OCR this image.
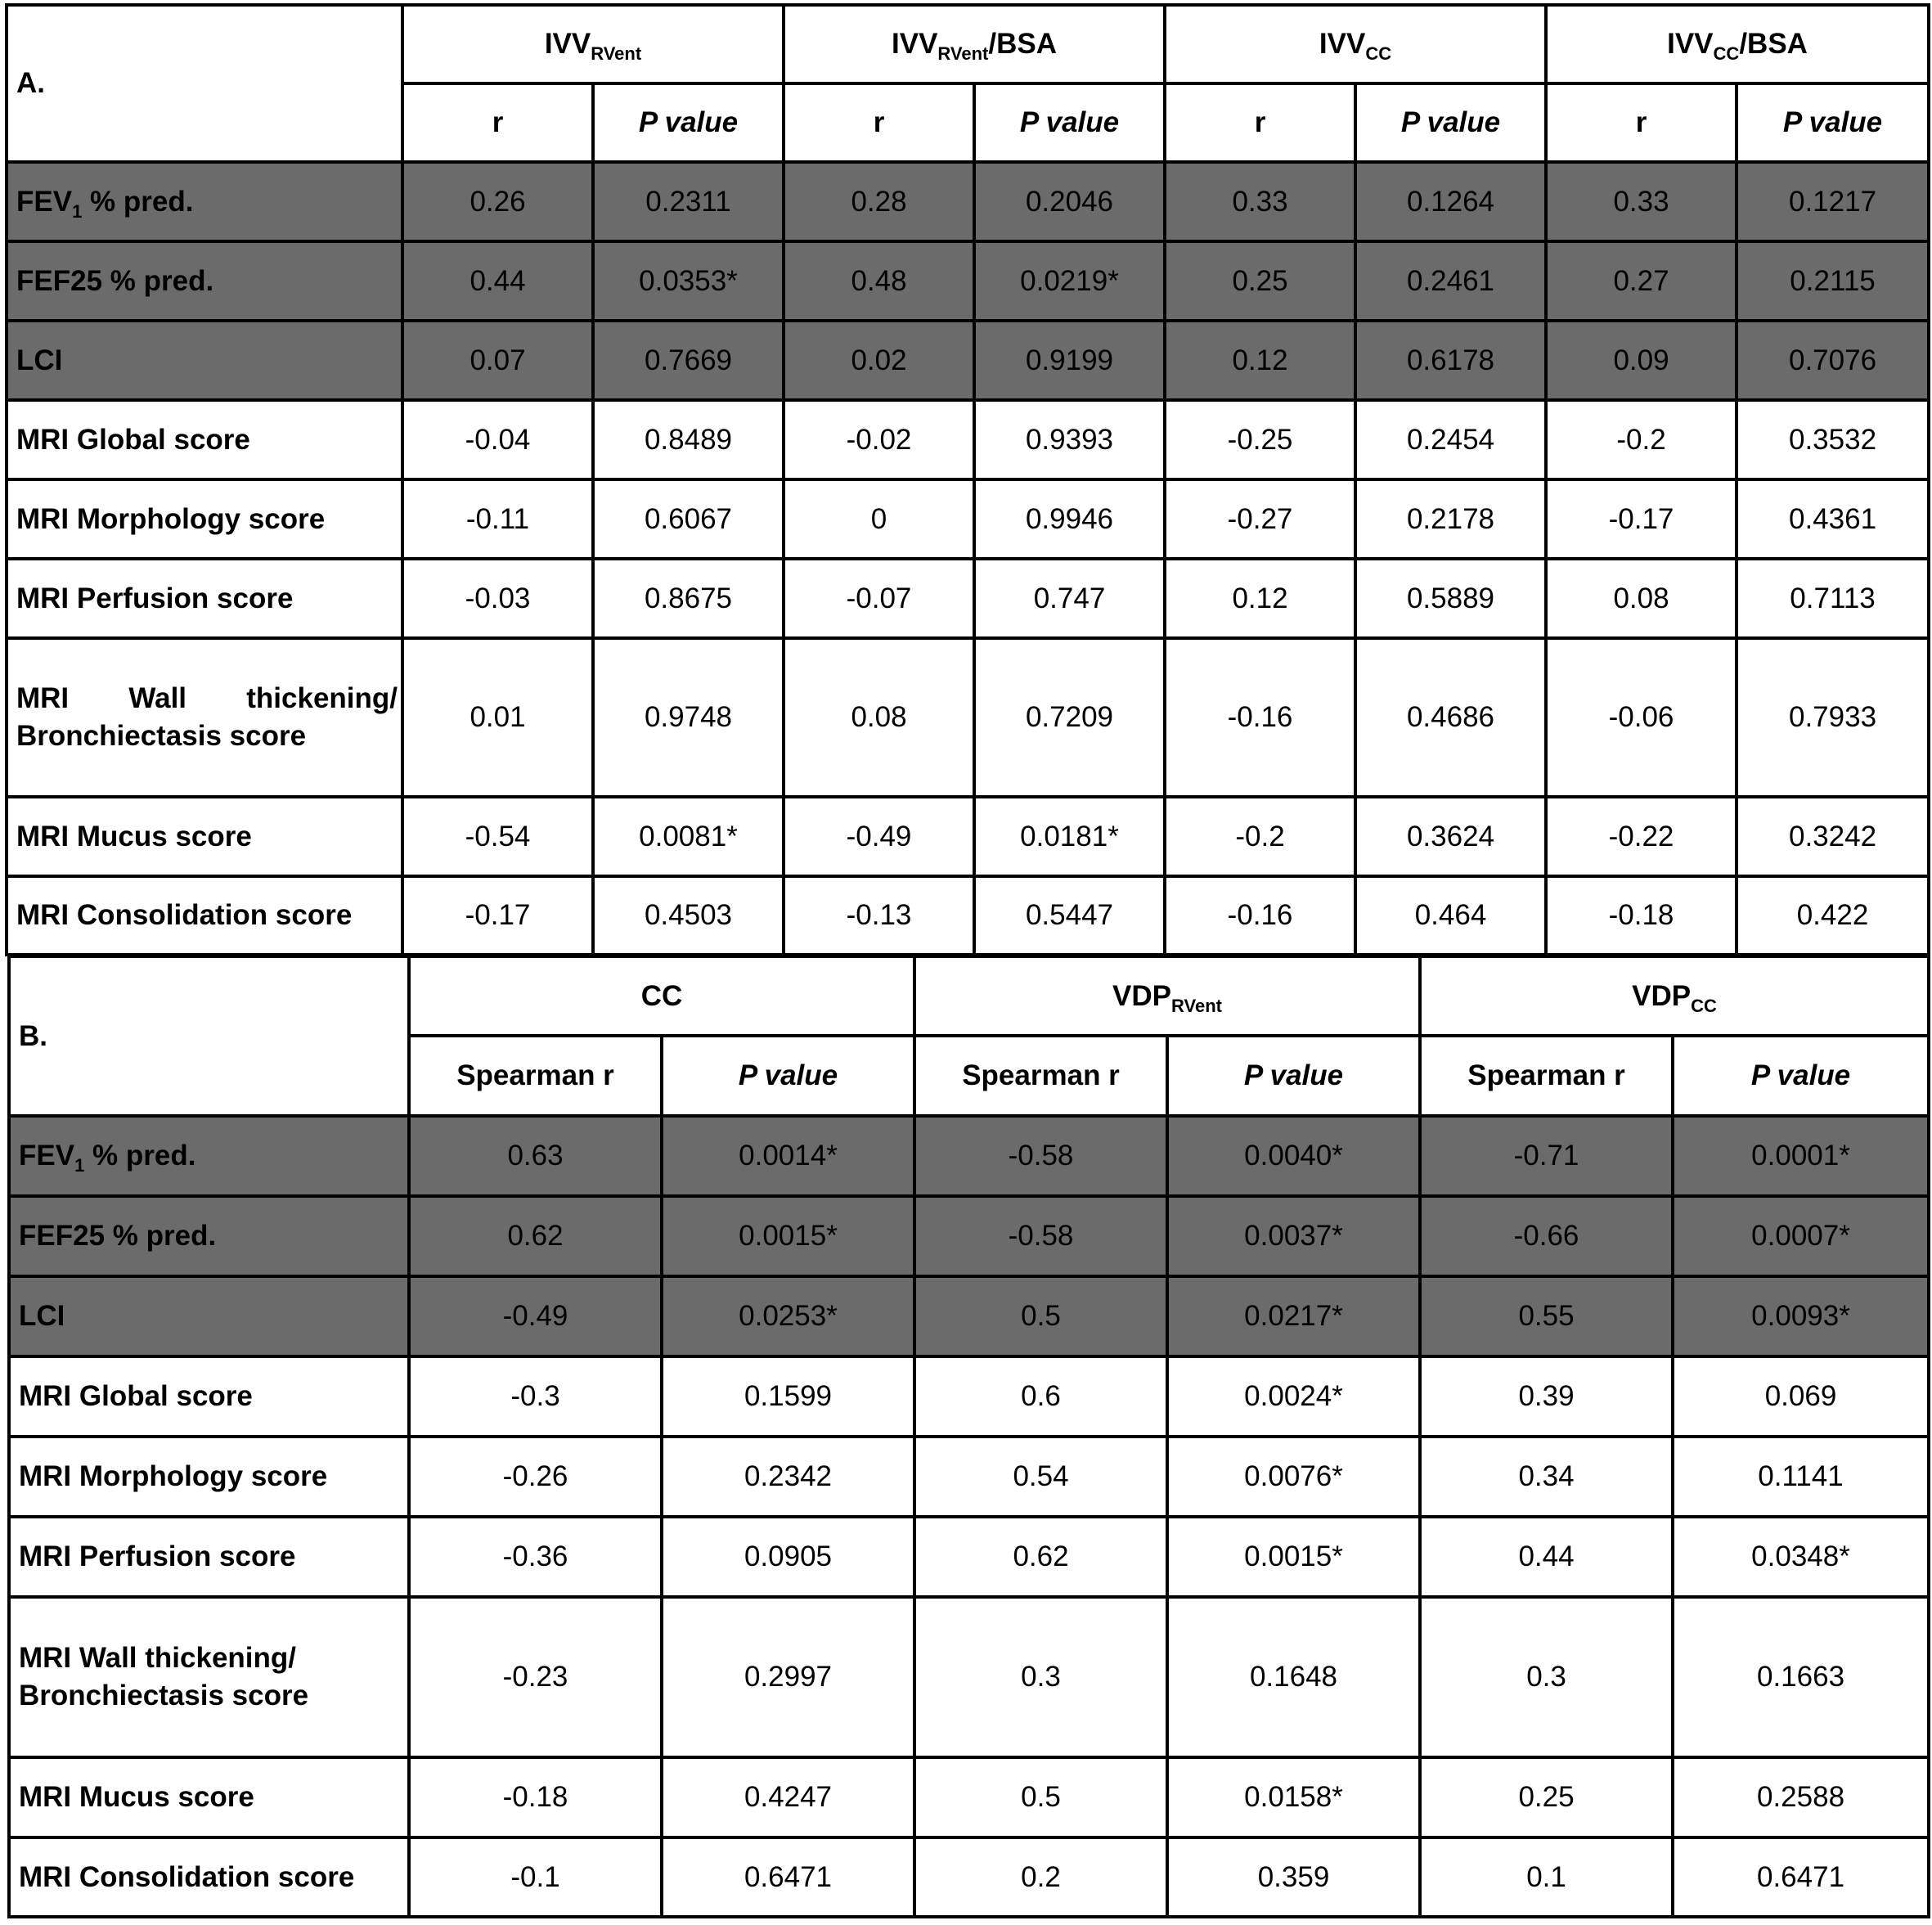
A.	$IVV_{RVent}$		$IVV_{RVent}$/BSA		$IVV_{CC}$		$IVV_{CC}$/BSA	
	r	P value	r	P value	r	P value	r	P value
$FEV_1$ % pred.	0.26	0.2311	0.28	0.2046	0.33	0.1264	0.33	0.1217
FEF25 % pred.	0.44	0.0353*	0.48	0.0219*	0.25	0.2461	0.27	0.2115
LCI	0.07	0.7669	0.02	0.9199	0.12	0.6178	0.09	0.7076
MRI Global score	-0.04	0.8489	-0.02	0.9393	-0.25	0.2454	-0.2	0.3532
MRI Morphology score	-0.11	0.6067	0	0.9946	-0.27	0.2178	-0.17	0.4361
MRI Perfusion score	-0.03	0.8675	-0.07	0.747	0.12	0.5889	0.08	0.7113
MRI Wall thickening/ Bronchiectasis score	0.01	0.9748	0.08	0.7209	-0.16	0.4686	-0.06	0.7933
MRI Mucus score	-0.54	0.0081*	-0.49	0.0181*	-0.2	0.3624	-0.22	0.3242
MRI Consolidation score	-0.17	0.4503	-0.13	0.5447	-0.16	0.464	-0.18	0.422
B.	CC		$VDP_{RVent}$		$VDP_{CC}$
	Spearman r	P value	Spearman r	P value	Spearman r	P value
$FEV_1$ % pred.	0.63	0.0014*	-0.58	0.0040*	-0.71	0.0001*
FEF25 % pred.	0.62	0.0015*	-0.58	0.0037*	-0.66	0.0007*
LCI	-0.49	0.0253*	0.5	0.0217*	0.55	0.0093*
MRI Global score	-0.3	0.1599	0.6	0.0024*	0.39	0.069
MRI Morphology score	-0.26	0.2342	0.54	0.0076*	0.34	0.1141
MRI Perfusion score	-0.36	0.0905	0.62	0.0015*	0.44	0.0348*
MRI Wall thickening/ Bronchiectasis score	-0.23	0.2997	0.3	0.1648	0.3	0.1663
MRI Mucus score	-0.18	0.4247	0.5	0.0158*	0.25	0.2588
MRI Consolidation score	-0.1	0.6471	0.2	0.359	0.1	0.6471
